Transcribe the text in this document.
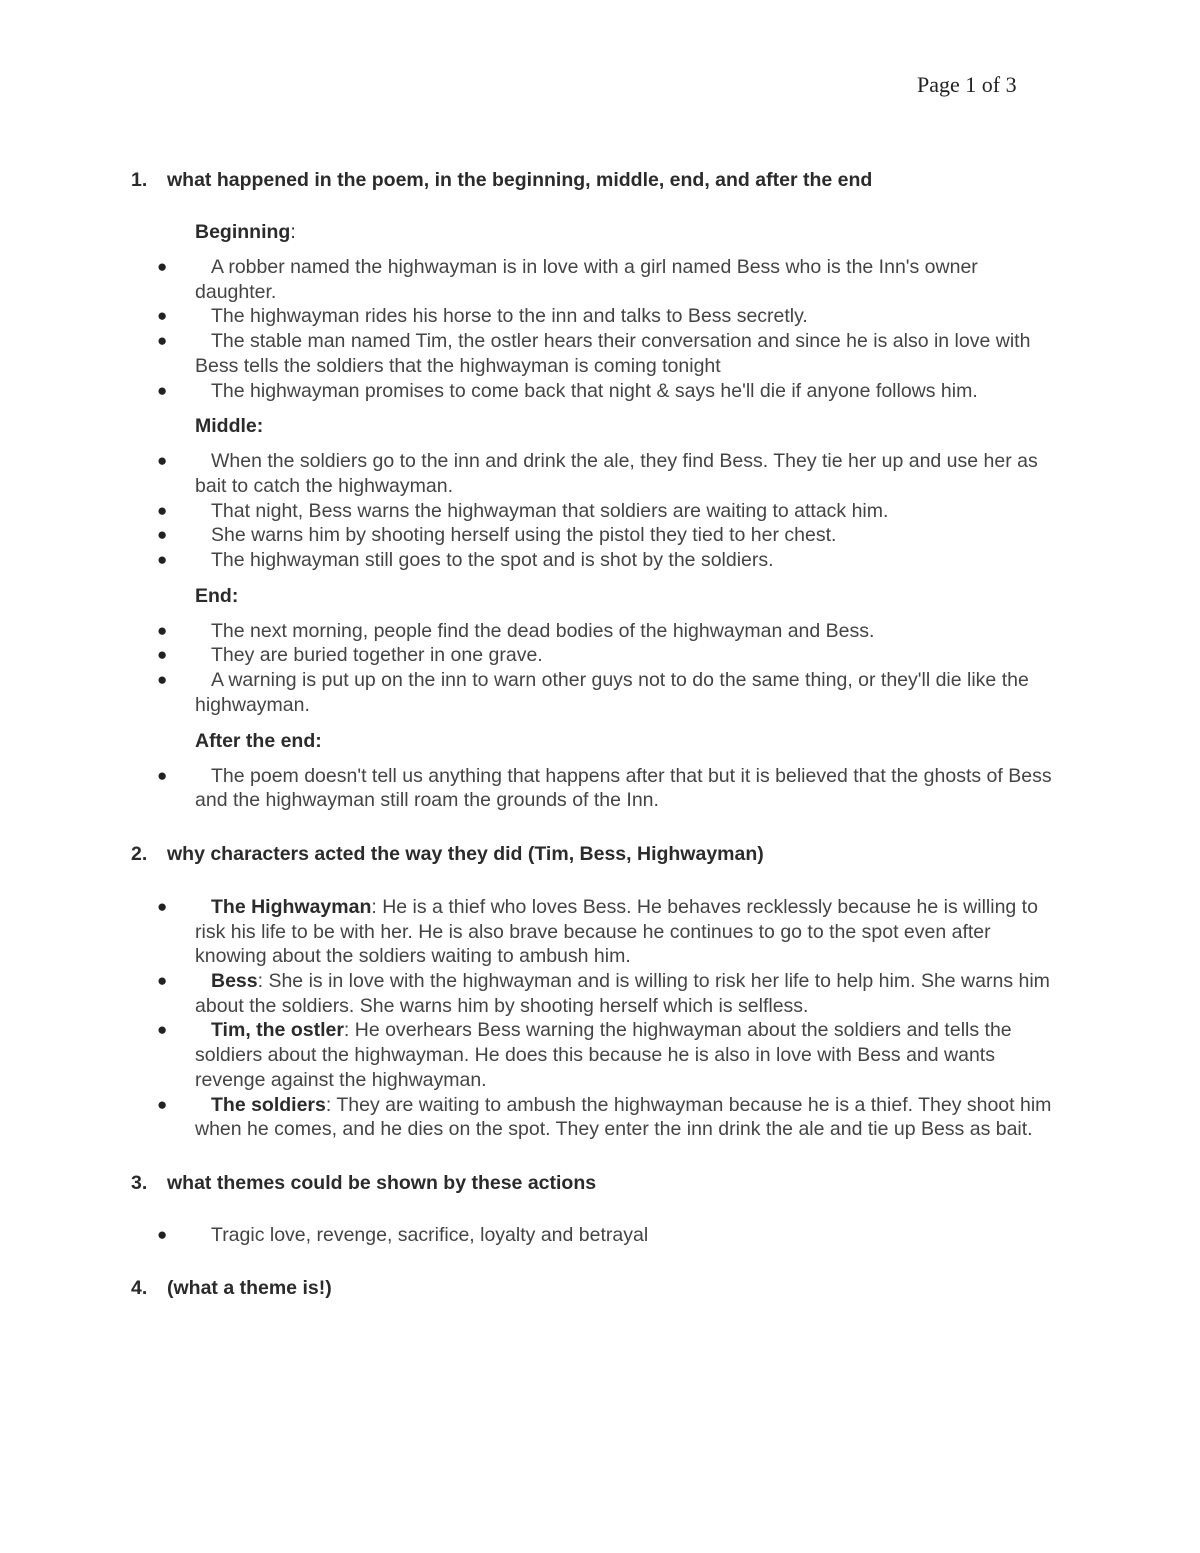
Page 1 of 3
1. what happened in the poem, in the beginning, middle, end, and after the end
Beginning:
● A robber named the highwayman is in love with a girl named Bess who is the Inn's owner daughter.
● The highwayman rides his horse to the inn and talks to Bess secretly.
● The stable man named Tim, the ostler hears their conversation and since he is also in love with Bess tells the soldiers that the highwayman is coming tonight
● The highwayman promises to come back that night & says he'll die if anyone follows him.
Middle:
● When the soldiers go to the inn and drink the ale, they find Bess. They tie her up and use her as bait to catch the highwayman.
● That night, Bess warns the highwayman that soldiers are waiting to attack him.
● She warns him by shooting herself using the pistol they tied to her chest.
● The highwayman still goes to the spot and is shot by the soldiers.
End:
● The next morning, people find the dead bodies of the highwayman and Bess.
● They are buried together in one grave.
● A warning is put up on the inn to warn other guys not to do the same thing, or they'll die like the highwayman.
After the end:
● The poem doesn't tell us anything that happens after that but it is believed that the ghosts of Bess and the highwayman still roam the grounds of the Inn.
2. why characters acted the way they did (Tim, Bess, Highwayman)
● The Highwayman: He is a thief who loves Bess. He behaves recklessly because he is willing to risk his life to be with her. He is also brave because he continues to go to the spot even after knowing about the soldiers waiting to ambush him.
● Bess: She is in love with the highwayman and is willing to risk her life to help him. She warns him about the soldiers. She warns him by shooting herself which is selfless.
● Tim, the ostler: He overhears Bess warning the highwayman about the soldiers and tells the soldiers about the highwayman. He does this because he is also in love with Bess and wants revenge against the highwayman.
● The soldiers: They are waiting to ambush the highwayman because he is a thief. They shoot him when he comes, and he dies on the spot. They enter the inn drink the ale and tie up Bess as bait.
3. what themes could be shown by these actions
● Tragic love, revenge, sacrifice, loyalty and betrayal
4. (what a theme is!)
